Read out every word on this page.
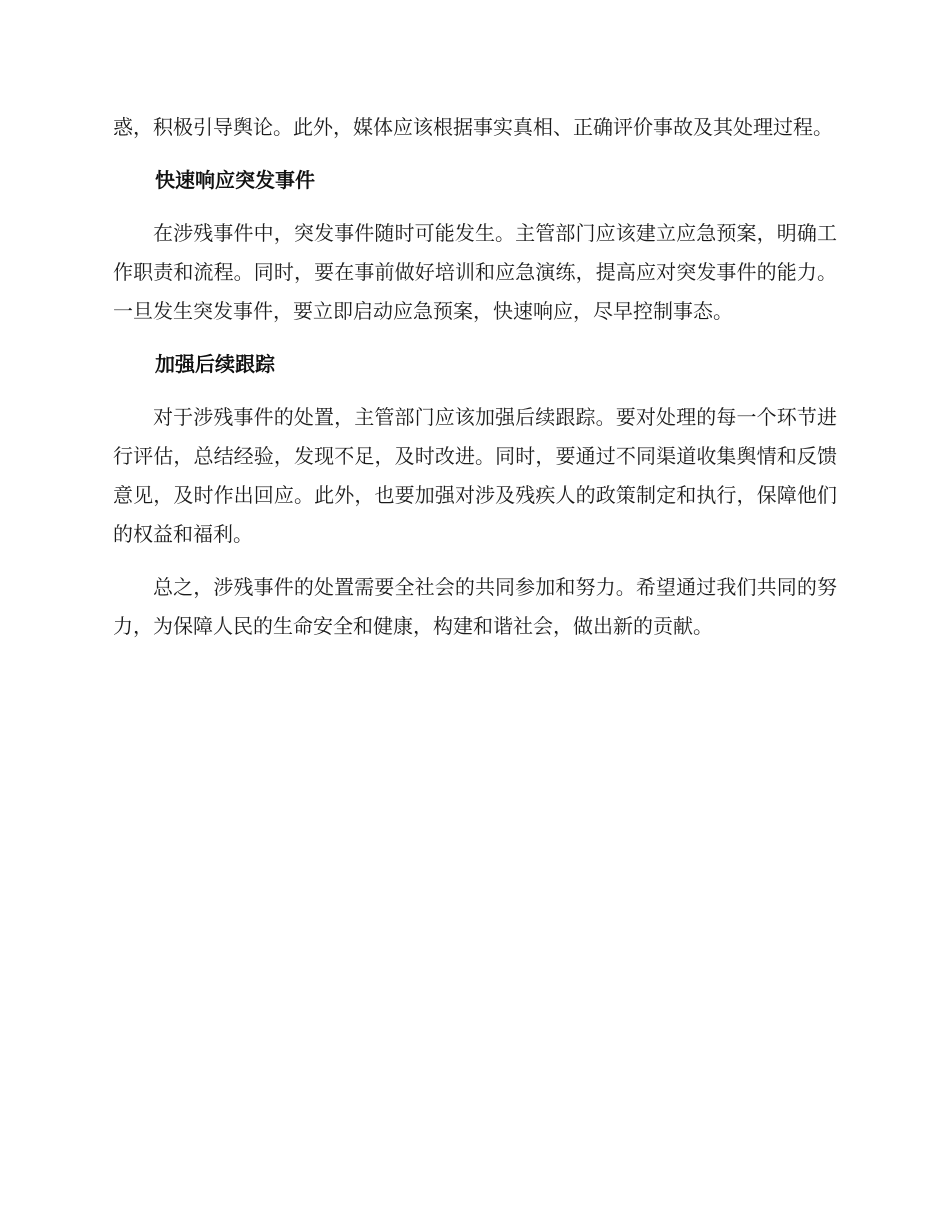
惑，积极引导舆论。此外，媒体应该根据事实真相、正确评价事故及其处理过程。

快速响应突发事件

在涉残事件中，突发事件随时可能发生。主管部门应该建立应急预案，明确工作职责和流程。同时，要在事前做好培训和应急演练，提高应对突发事件的能力。一旦发生突发事件，要立即启动应急预案，快速响应，尽早控制事态。

加强后续跟踪

对于涉残事件的处置，主管部门应该加强后续跟踪。要对处理的每一个环节进行评估，总结经验，发现不足，及时改进。同时，要通过不同渠道收集舆情和反馈意见，及时作出回应。此外，也要加强对涉及残疾人的政策制定和执行，保障他们的权益和福利。

总之，涉残事件的处置需要全社会的共同参加和努力。希望通过我们共同的努力，为保障人民的生命安全和健康，构建和谐社会，做出新的贡献。
